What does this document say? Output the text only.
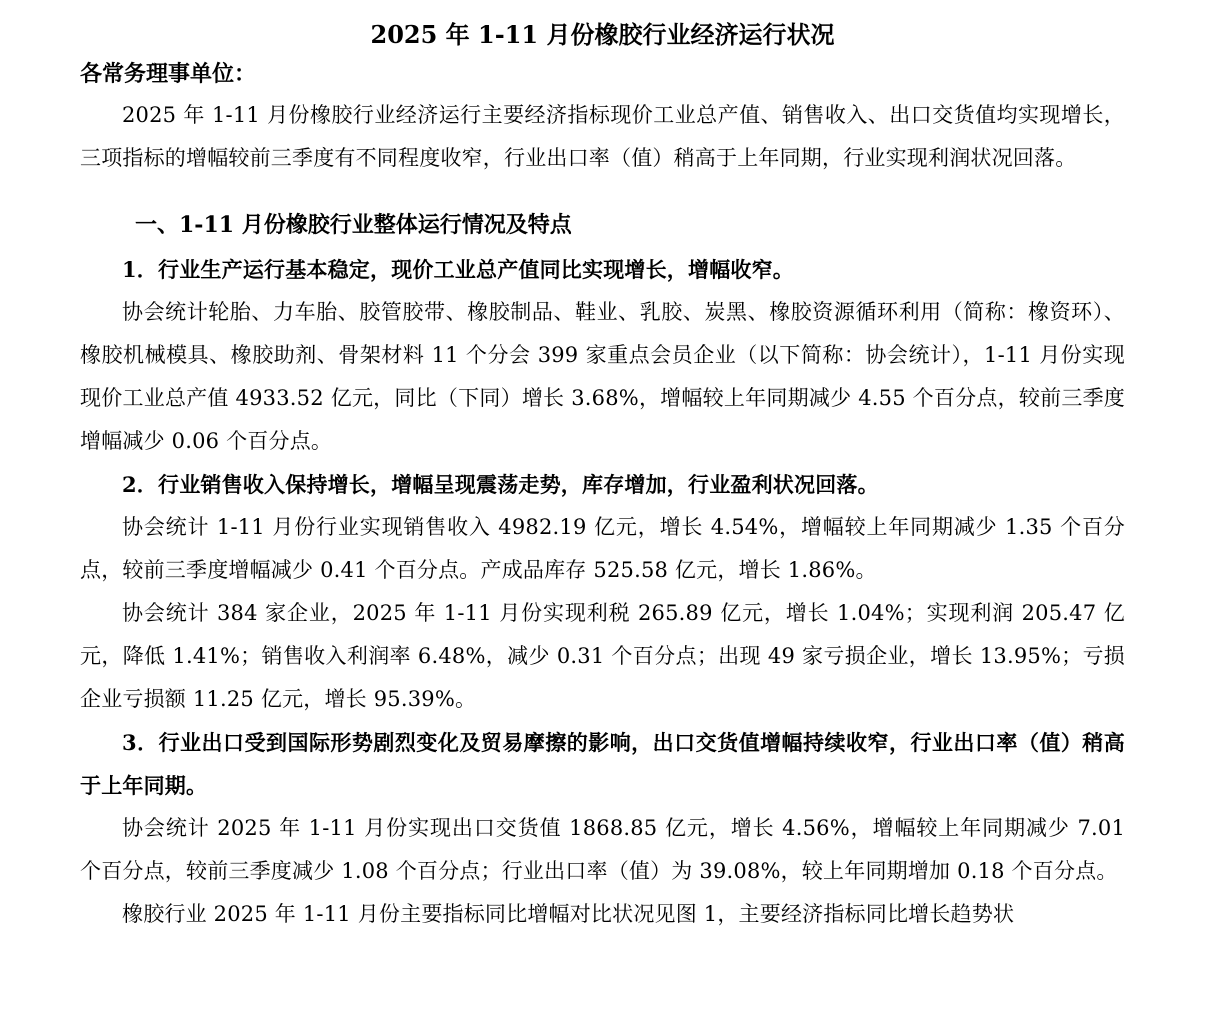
2025 年 1-11 月份橡胶行业经济运行状况
各常务理事单位：

2025 年 1-11 月份橡胶行业经济运行主要经济指标现价工业总产值、销售收入、出口交货值均实现增长，三项指标的增幅较前三季度有不同程度收窄，行业出口率（值）稍高于上年同期，行业实现利润状况回落。

一、1-11 月份橡胶行业整体运行情况及特点

1．行业生产运行基本稳定，现价工业总产值同比实现增长，增幅收窄。

协会统计轮胎、力车胎、胶管胶带、橡胶制品、鞋业、乳胶、炭黑、橡胶资源循环利用（简称：橡资环）、橡胶机械模具、橡胶助剂、骨架材料 11 个分会 399 家重点会员企业（以下简称：协会统计），1-11 月份实现现价工业总产值 4933.52 亿元，同比（下同）增长 3.68%，增幅较上年同期减少 4.55 个百分点，较前三季度增幅减少 0.06 个百分点。

2．行业销售收入保持增长，增幅呈现震荡走势，库存增加，行业盈利状况回落。

协会统计 1-11 月份行业实现销售收入 4982.19 亿元，增长 4.54%，增幅较上年同期减少 1.35 个百分点，较前三季度增幅减少 0.41 个百分点。产成品库存 525.58 亿元，增长 1.86%。

协会统计 384 家企业，2025 年 1-11 月份实现利税 265.89 亿元，增长 1.04%；实现利润 205.47 亿元，降低 1.41%；销售收入利润率 6.48%，减少 0.31 个百分点；出现 49 家亏损企业，增长 13.95%；亏损企业亏损额 11.25 亿元，增长 95.39%。

3．行业出口受到国际形势剧烈变化及贸易摩擦的影响，出口交货值增幅持续收窄，行业出口率（值）稍高于上年同期。

协会统计 2025 年 1-11 月份实现出口交货值 1868.85 亿元，增长 4.56%，增幅较上年同期减少 7.01 个百分点，较前三季度减少 1.08 个百分点；行业出口率（值）为 39.08%，较上年同期增加 0.18 个百分点。

橡胶行业 2025 年 1-11 月份主要指标同比增幅对比状况见图 1，主要经济指标同比增长趋势状
